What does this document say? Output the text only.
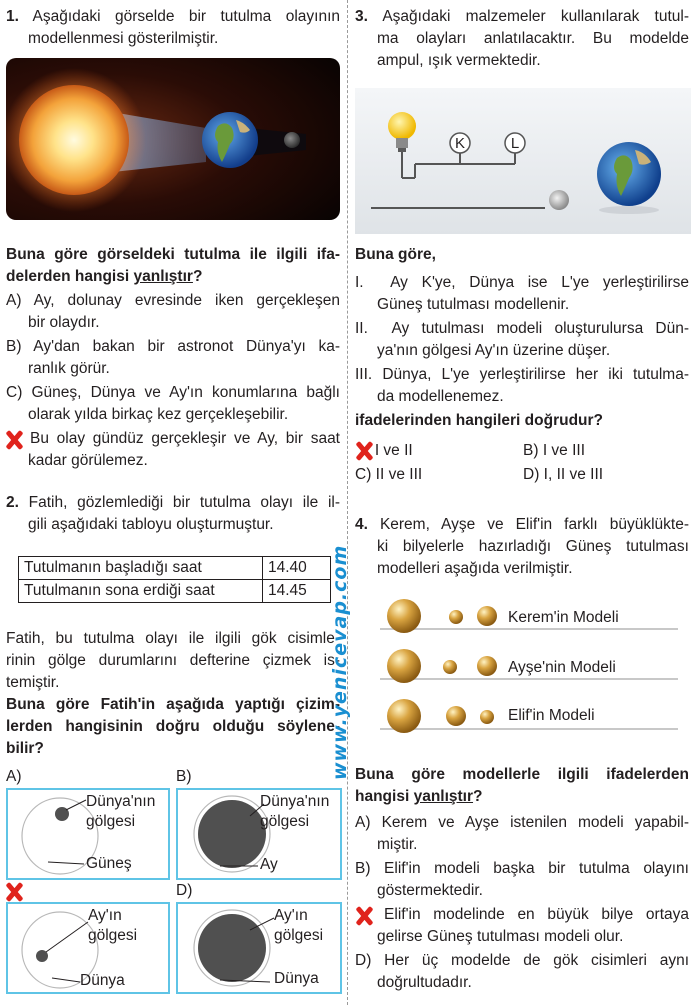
1. Aşağıdaki görselde bir tutulma olayının
modellenmesi gösterilmiştir.
Buna göre görseldeki tutulma ile ilgili ifa-
delerden hangisi yanlıştır?
A) Ay, dolunay evresinde iken gerçekleşen
bir olaydır.
B) Ay'dan bakan bir astronot Dünya'yı ka-
ranlık görür.
C) Güneş, Dünya ve Ay'ın konumlarına bağlı
olarak yılda birkaç kez gerçekleşebilir.
Bu olay gündüz gerçekleşir ve Ay, bir saat
kadar görülemez.
2. Fatih, gözlemlediği bir tutulma olayı ile il-
gili aşağıdaki tabloyu oluşturmuştur.
Tutulmanın başladığı saat	14.40
Tutulmanın sona erdiği saat	14.45
Fatih, bu tutulma olayı ile ilgili gök cisimle-
rinin gölge durumlarını defterine çizmek is-
temiştir.
Buna göre Fatih'in aşağıda yaptığı çizim-
lerden hangisinin doğru olduğu söylene-
bilir?
A)
Dünya'nın
gölgesi
Güneş
B)
Dünya'nın
gölgesi
Ay
Ay'ın
gölgesi
Dünya
D)
Ay'ın
gölgesi
Dünya
www.yenicevap.com
3. Aşağıdaki malzemeler kullanılarak tutul-
ma olayları anlatılacaktır. Bu modelde
ampul, ışık vermektedir.
K	L
Buna göre,
I. Ay K'ye, Dünya ise L'ye yerleştirilirse
Güneş tutulması modellenir.
II. Ay tutulması modeli oluşturulursa Dün-
ya'nın gölgesi Ay'ın üzerine düşer.
III. Dünya, L'ye yerleştirilirse her iki tutulma-
da modellenemez.
ifadelerinden hangileri doğrudur?
I ve II	B) I ve III
C) II ve III	D) I, II ve III
4. Kerem, Ayşe ve Elif'in farklı büyüklükte-
ki bilyelerle hazırladığı Güneş tutulması
modelleri aşağıda verilmiştir.
Kerem'in Modeli
Ayşe'nin Modeli
Elif'in Modeli
Buna göre modellerle ilgili ifadelerden
hangisi yanlıştır?
A) Kerem ve Ayşe istenilen modeli yapabil-
miştir.
B) Elif'in modeli başka bir tutulma olayını
göstermektedir.
Elif'in modelinde en büyük bilye ortaya
gelirse Güneş tutulması modeli olur.
D) Her üç modelde de gök cisimleri aynı
doğrultudadır.
